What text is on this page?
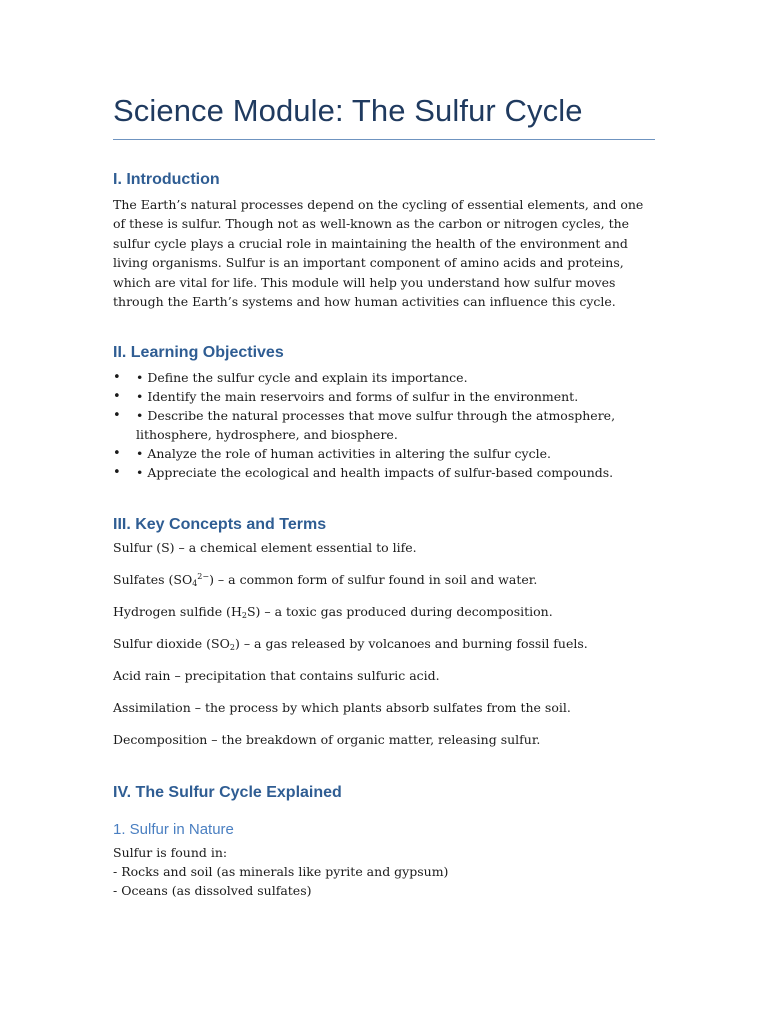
Science Module: The Sulfur Cycle
I. Introduction

The Earth’s natural processes depend on the cycling of essential elements, and one of these is sulfur. Though not as well-known as the carbon or nitrogen cycles, the sulfur cycle plays a crucial role in maintaining the health of the environment and living organisms. Sulfur is an important component of amino acids and proteins, which are vital for life. This module will help you understand how sulfur moves through the Earth’s systems and how human activities can influence this cycle.

II. Learning Objectives
• • Define the sulfur cycle and explain its importance.
• • Identify the main reservoirs and forms of sulfur in the environment.
• • Describe the natural processes that move sulfur through the atmosphere, lithosphere, hydrosphere, and biosphere.
• • Analyze the role of human activities in altering the sulfur cycle.
• • Appreciate the ecological and health impacts of sulfur-based compounds.
III. Key Concepts and Terms

Sulfur (S) – a chemical element essential to life.

Sulfates $(SO_4^{2-})$ – a common form of sulfur found in soil and water.

Hydrogen sulfide $(H_2S)$ – a toxic gas produced during decomposition.

Sulfur dioxide $(SO_2)$ – a gas released by volcanoes and burning fossil fuels.

Acid rain – precipitation that contains sulfuric acid.

Assimilation – the process by which plants absorb sulfates from the soil.

Decomposition – the breakdown of organic matter, releasing sulfur.

IV. The Sulfur Cycle Explained
1. Sulfur in Nature

Sulfur is found in:

- Rocks and soil (as minerals like pyrite and gypsum)

- Oceans (as dissolved sulfates)
